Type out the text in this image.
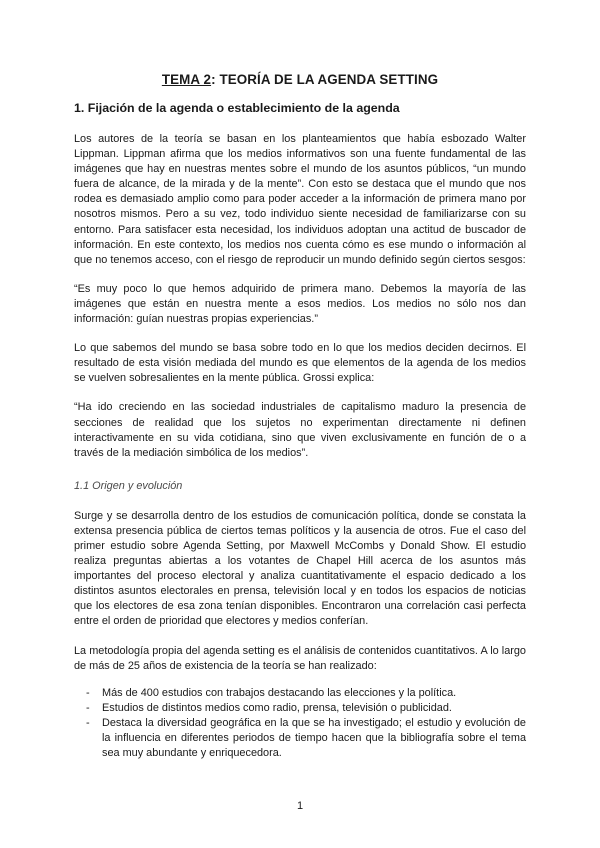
TEMA 2: TEORÍA DE LA AGENDA SETTING
1. Fijación de la agenda o establecimiento de la agenda

Los autores de la teoría se basan en los planteamientos que había esbozado Walter Lippman. Lippman afirma que los medios informativos son una fuente fundamental de las imágenes que hay en nuestras mentes sobre el mundo de los asuntos públicos, “un mundo fuera de alcance, de la mirada y de la mente”. Con esto se destaca que el mundo que nos rodea es demasiado amplio como para poder acceder a la información de primera mano por nosotros mismos. Pero a su vez, todo individuo siente necesidad de familiarizarse con su entorno. Para satisfacer esta necesidad, los individuos adoptan una actitud de buscador de información. En este contexto, los medios nos cuenta cómo es ese mundo o información al que no tenemos acceso, con el riesgo de reproducir un mundo definido según ciertos sesgos:

“Es muy poco lo que hemos adquirido de primera mano. Debemos la mayoría de las imágenes que están en nuestra mente a esos medios. Los medios no sólo nos dan información: guían nuestras propias experiencias.”

Lo que sabemos del mundo se basa sobre todo en lo que los medios deciden decirnos. El resultado de esta visión mediada del mundo es que elementos de la agenda de los medios se vuelven sobresalientes en la mente pública. Grossi explica:

“Ha ido creciendo en las sociedad industriales de capitalismo maduro la presencia de secciones de realidad que los sujetos no experimentan directamente ni definen interactivamente en su vida cotidiana, sino que viven exclusivamente en función de o a través de la mediación simbólica de los medios”.

1.1 Origen y evolución

Surge y se desarrolla dentro de los estudios de comunicación política, donde se constata la extensa presencia pública de ciertos temas políticos y la ausencia de otros. Fue el caso del primer estudio sobre Agenda Setting, por Maxwell McCombs y Donald Show. El estudio realiza preguntas abiertas a los votantes de Chapel Hill acerca de los asuntos más importantes del proceso electoral y analiza cuantitativamente el espacio dedicado a los distintos asuntos electorales en prensa, televisión local y en todos los espacios de noticias que los electores de esa zona tenían disponibles. Encontraron una correlación casi perfecta entre el orden de prioridad que electores y medios conferían.

La metodología propia del agenda setting es el análisis de contenidos cuantitativos. A lo largo de más de 25 años de existencia de la teoría se han realizado:

- Más de 400 estudios con trabajos destacando las elecciones y la política.
- Estudios de distintos medios como radio, prensa, televisión o publicidad.
- Destaca la diversidad geográfica en la que se ha investigado; el estudio y evolución de la influencia en diferentes periodos de tiempo hacen que la bibliografía sobre el tema sea muy abundante y enriquecedora.
1
